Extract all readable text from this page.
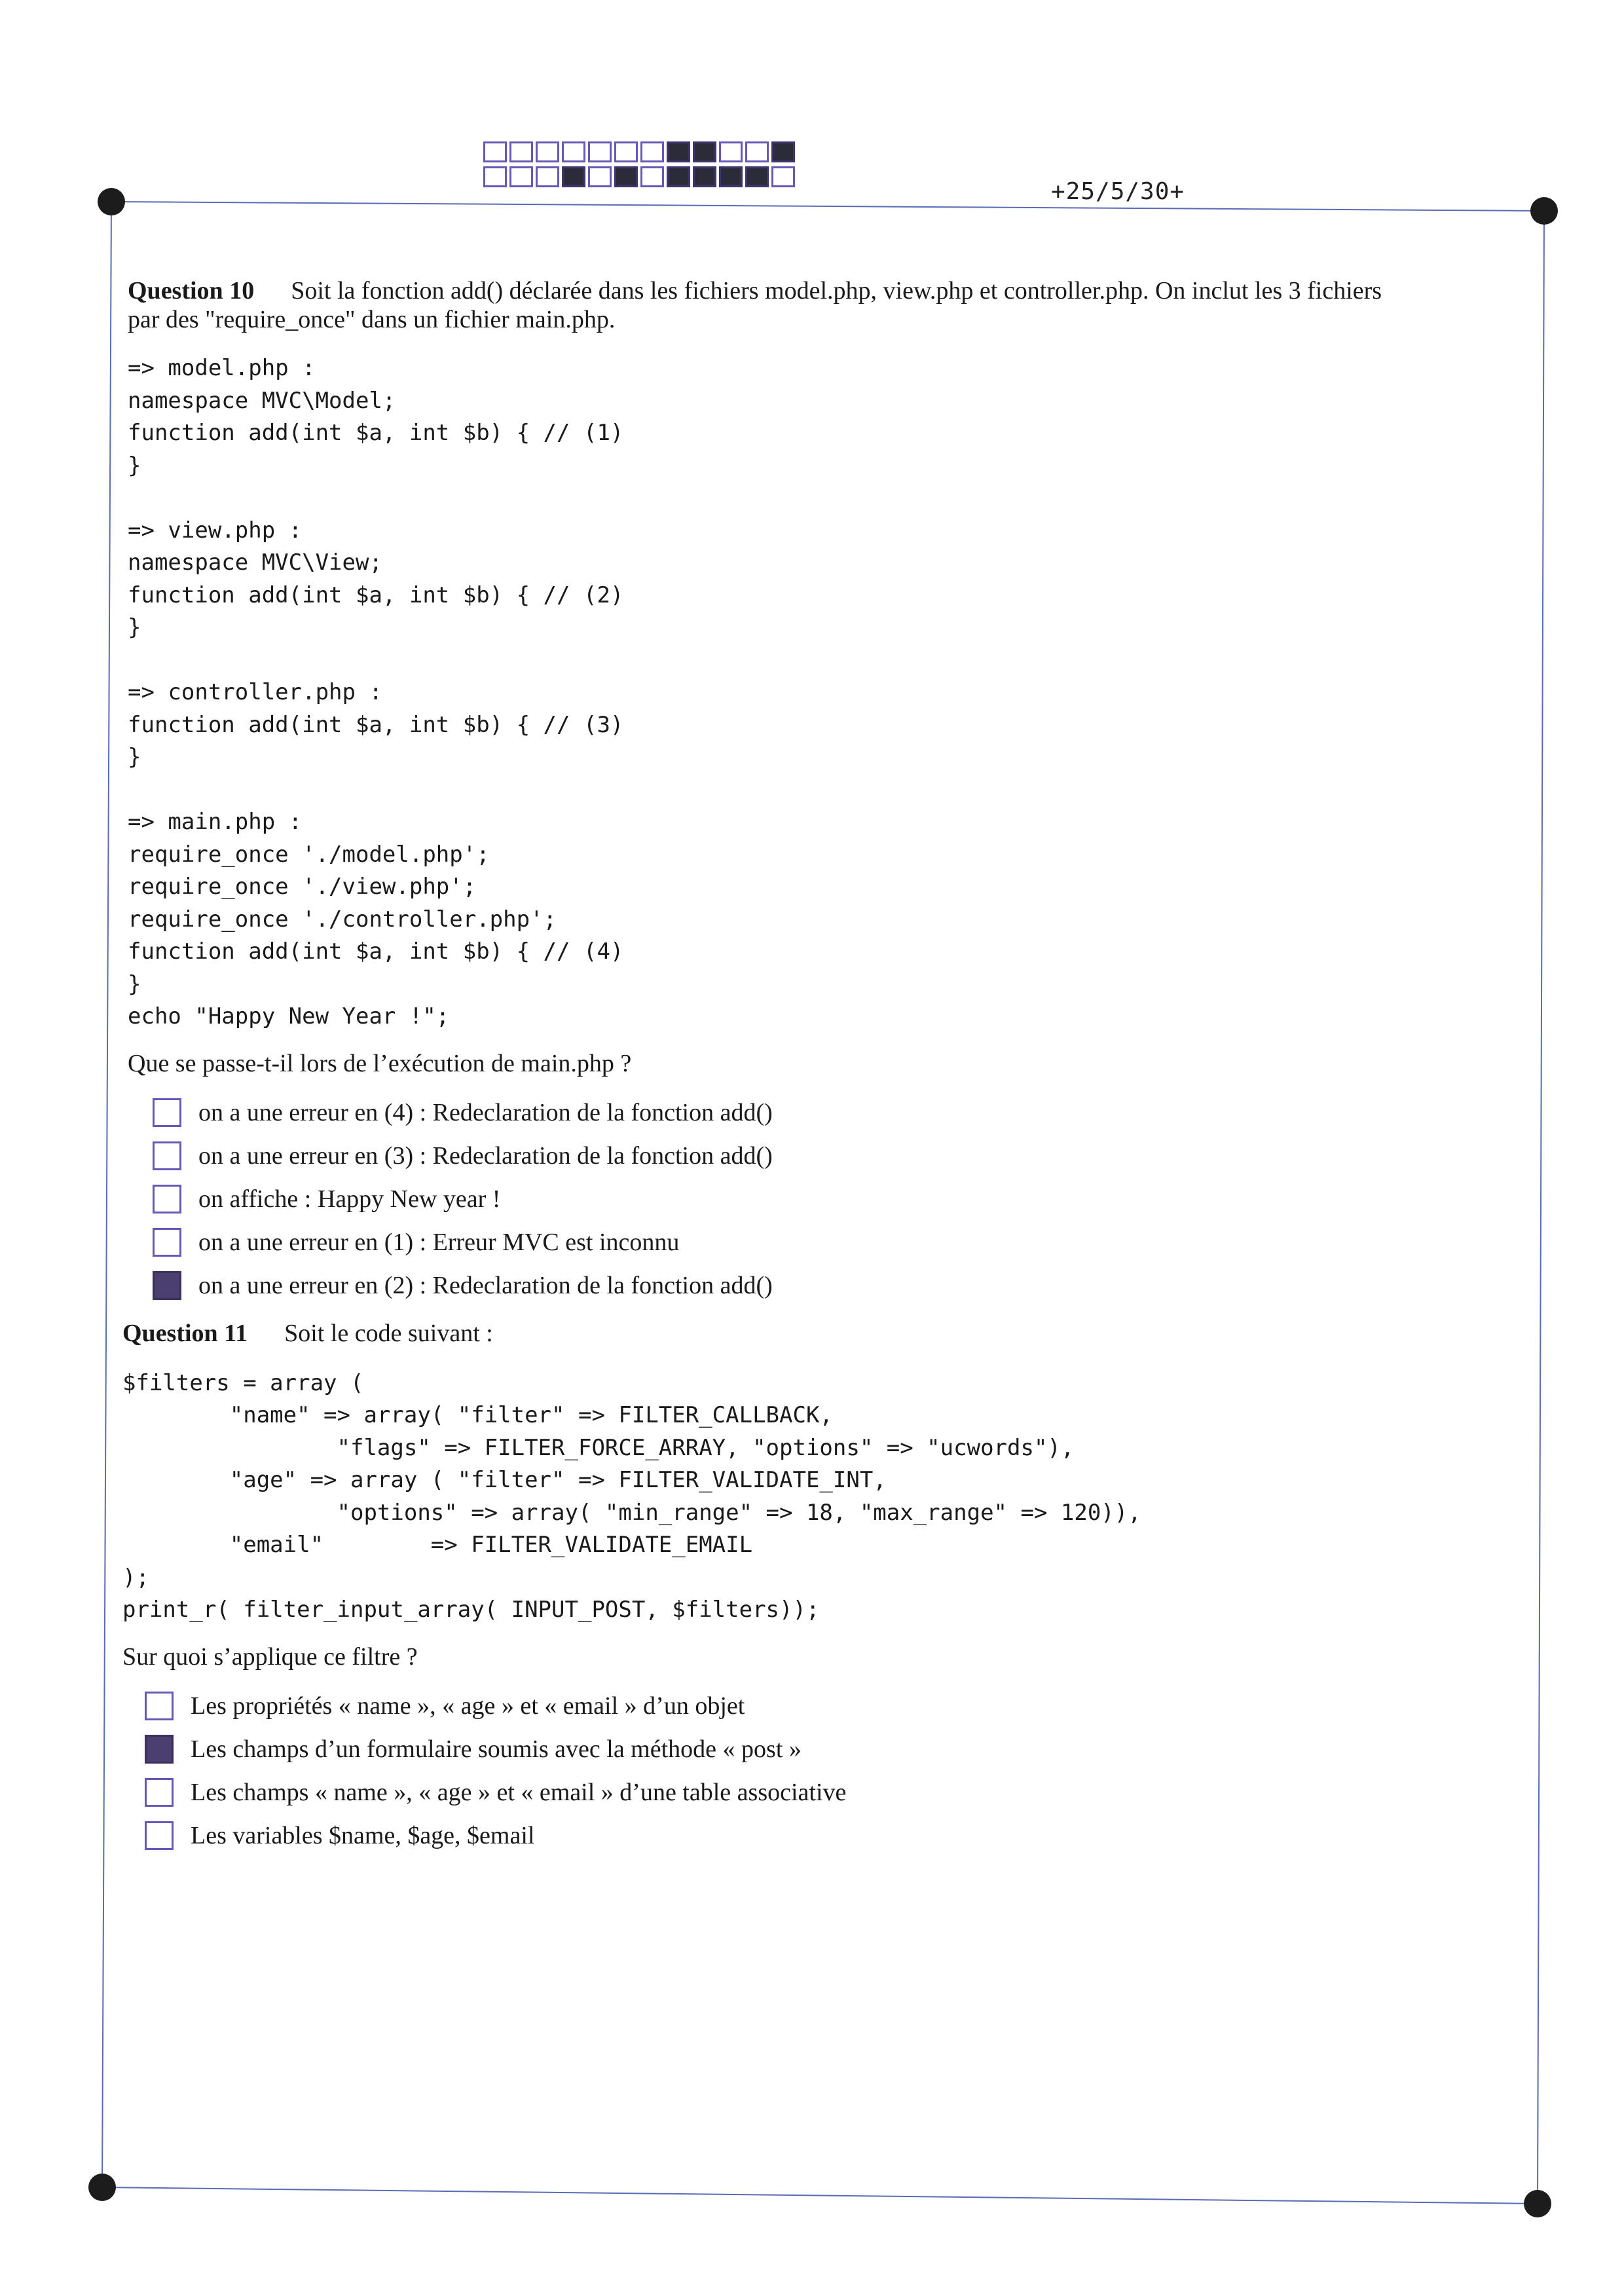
+25/5/30+

Question 10 Soit la fonction add() déclarée dans les fichiers model.php, view.php et controller.php. On inclut les 3 fichiers

par des "require_once" dans un fichier main.php.

=> model.php :
namespace MVC\Model;
function add(int $a, int $b) { // (1)
}

=> view.php :
namespace MVC\View;
function add(int $a, int $b) { // (2)
}

=> controller.php :
function add(int $a, int $b) { // (3)
}

=> main.php :
require_once './model.php';
require_once './view.php';
require_once './controller.php';
function add(int $a, int $b) { // (4)
}
echo "Happy New Year !";

Que se passe-t-il lors de l’exécution de main.php ?

on a une erreur en (4) : Redeclaration de la fonction add()
on a une erreur en (3) : Redeclaration de la fonction add()
on affiche : Happy New year !
on a une erreur en (1) : Erreur MVC est inconnu
on a une erreur en (2) : Redeclaration de la fonction add()

Question 11 Soit le code suivant :

$filters = array (
"name" => array( "filter" => FILTER_CALLBACK,
"flags" => FILTER_FORCE_ARRAY, "options" => "ucwords"),
"age" => array ( "filter" => FILTER_VALIDATE_INT,
"options" => array( "min_range" => 18, "max_range" => 120)),
"email"        => FILTER_VALIDATE_EMAIL
);
print_r( filter_input_array( INPUT_POST, $filters));

Sur quoi s’applique ce filtre ?

Les propriétés « name », « age » et « email » d’un objet
Les champs d’un formulaire soumis avec la méthode « post »
Les champs « name », « age » et « email » d’une table associative
Les variables $name, $age, $email
